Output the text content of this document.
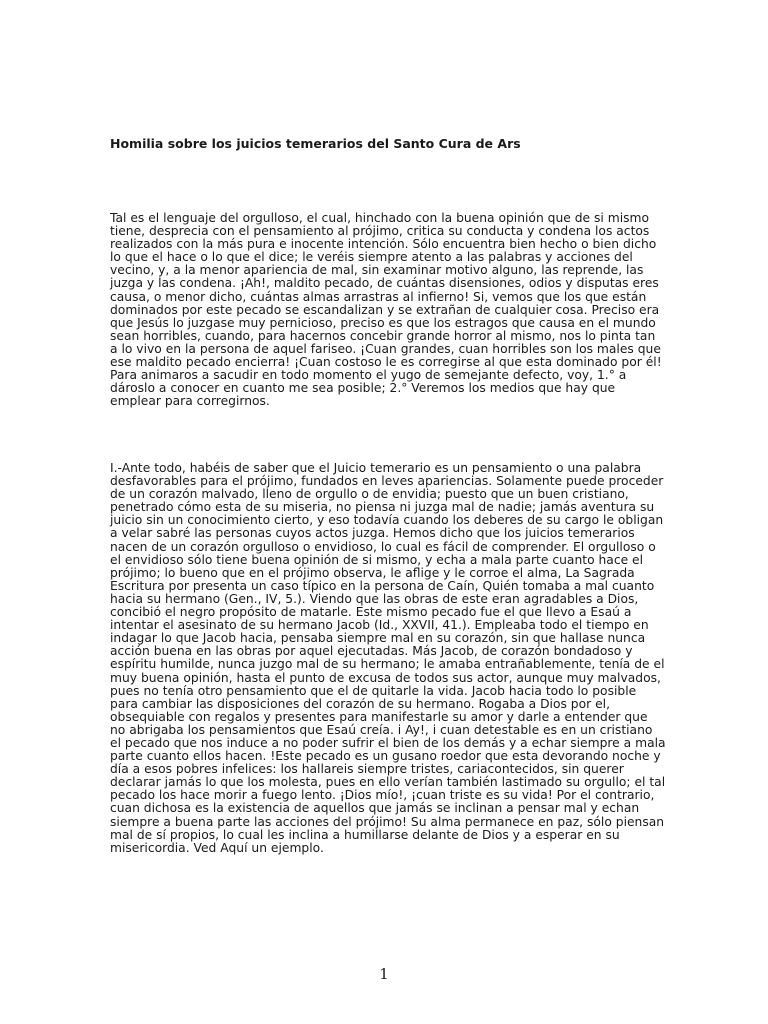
Homilia sobre los juicios temerarios del Santo Cura de Ars

Tal es el lenguaje del orgulloso, el cual, hinchado con la buena opinión que de si mismo tiene, desprecia con el pensamiento al prójimo, critica su conducta y condena los actos realizados con la más pura e inocente intención. Sólo encuentra bien hecho o bien dicho lo que el hace o lo que el dice; le veréis siempre atento a las palabras y acciones del vecino, y, a la menor apariencia de mal, sin examinar motivo alguno, las reprende, las juzga y las condena. ¡Ah!, maldito pecado, de cuántas disensiones, odios y disputas eres causa, o menor dicho, cuántas almas arrastras al infierno! Si, vemos que los que están dominados por este pecado se escandalizan y se extrañan de cualquier cosa. Preciso era que Jesús lo juzgase muy pernicioso, preciso es que los estragos que causa en el mundo sean horribles, cuando, para hacernos concebir grande horror al mismo, nos lo pinta tan a lo vivo en la persona de aquel fariseo. ¡Cuan grandes, cuan horribles son los males que ese maldito pecado encierra! ¡Cuan costoso le es corregirse al que esta dominado por él! Para animaros a sacudir en todo momento el yugo de semejante defecto, voy, 1.° a dároslo a conocer en cuanto me sea posible; 2.° Veremos los medios que hay que emplear para corregirnos.

I.-Ante todo, habéis de saber que el Juicio temerario es un pensamiento o una palabra desfavorables para el prójimo, fundados en leves apariencias. Solamente puede proceder de un corazón malvado, lleno de orgullo o de envidia; puesto que un buen cristiano, penetrado cómo esta de su miseria, no piensa ni juzga mal de nadie; jamás aventura su juicio sin un conocimiento cierto, y eso todavía cuando los deberes de su cargo le obligan a velar sabré las personas cuyos actos juzga. Hemos dicho que los juicios temerarios nacen de un corazón orgulloso o envidioso, lo cual es fácil de comprender. El orgulloso o el envidioso sólo tiene buena opinión de si mismo, y echa a mala parte cuanto hace el prójimo; lo bueno que en el prójimo observa, le aflige y le corroe el alma, La Sagrada Escritura por presenta un caso típico en la persona de Caín, Quién tomaba a mal cuanto hacia su hermano (Gen., IV, 5.). Viendo que las obras de este eran agradables a Dios, concibió el negro propósito de matarle. Este mismo pecado fue el que llevo a Esaú a intentar el asesinato de su hermano Jacob (Id., XXVII, 41.). Empleaba todo el tiempo en indagar lo que Jacob hacia, pensaba siempre mal en su corazón, sin que hallase nunca acción buena en las obras por aquel ejecutadas. Más Jacob, de corazón bondadoso y espíritu humilde, nunca juzgo mal de su hermano; le amaba entrañablemente, tenía de el muy buena opinión, hasta el punto de excusa de todos sus actor, aunque muy malvados, pues no tenía otro pensamiento que el de quitarle la vida. Jacob hacia todo lo posible para cambiar las disposiciones del corazón de su hermano. Rogaba a Dios por el, obsequiable con regalos y presentes para manifestarle su amor y darle a entender que no abrigaba los pensamientos que Esaú creía. i Ay!, i cuan detestable es en un cristiano el pecado que nos induce a no poder sufrir el bien de los demás y a echar siempre a mala parte cuanto ellos hacen. !Este pecado es un gusano roedor que esta devorando noche y día a esos pobres infelices: los hallareis siempre tristes, cariacontecidos, sin querer declarar jamás lo que los molesta, pues en ello verían también lastimado su orgullo; el tal pecado los hace morir a fuego lento. ¡Dios mío!, ¡cuan triste es su vida! Por el contrario, cuan dichosa es la existencia de aquellos que jamás se inclinan a pensar mal y echan siempre a buena parte las acciones del prójimo! Su alma permanece en paz, sólo piensan mal de sí propios, lo cual les inclina a humillarse delante de Dios y a esperar en su misericordia. Ved Aquí un ejemplo.

1
